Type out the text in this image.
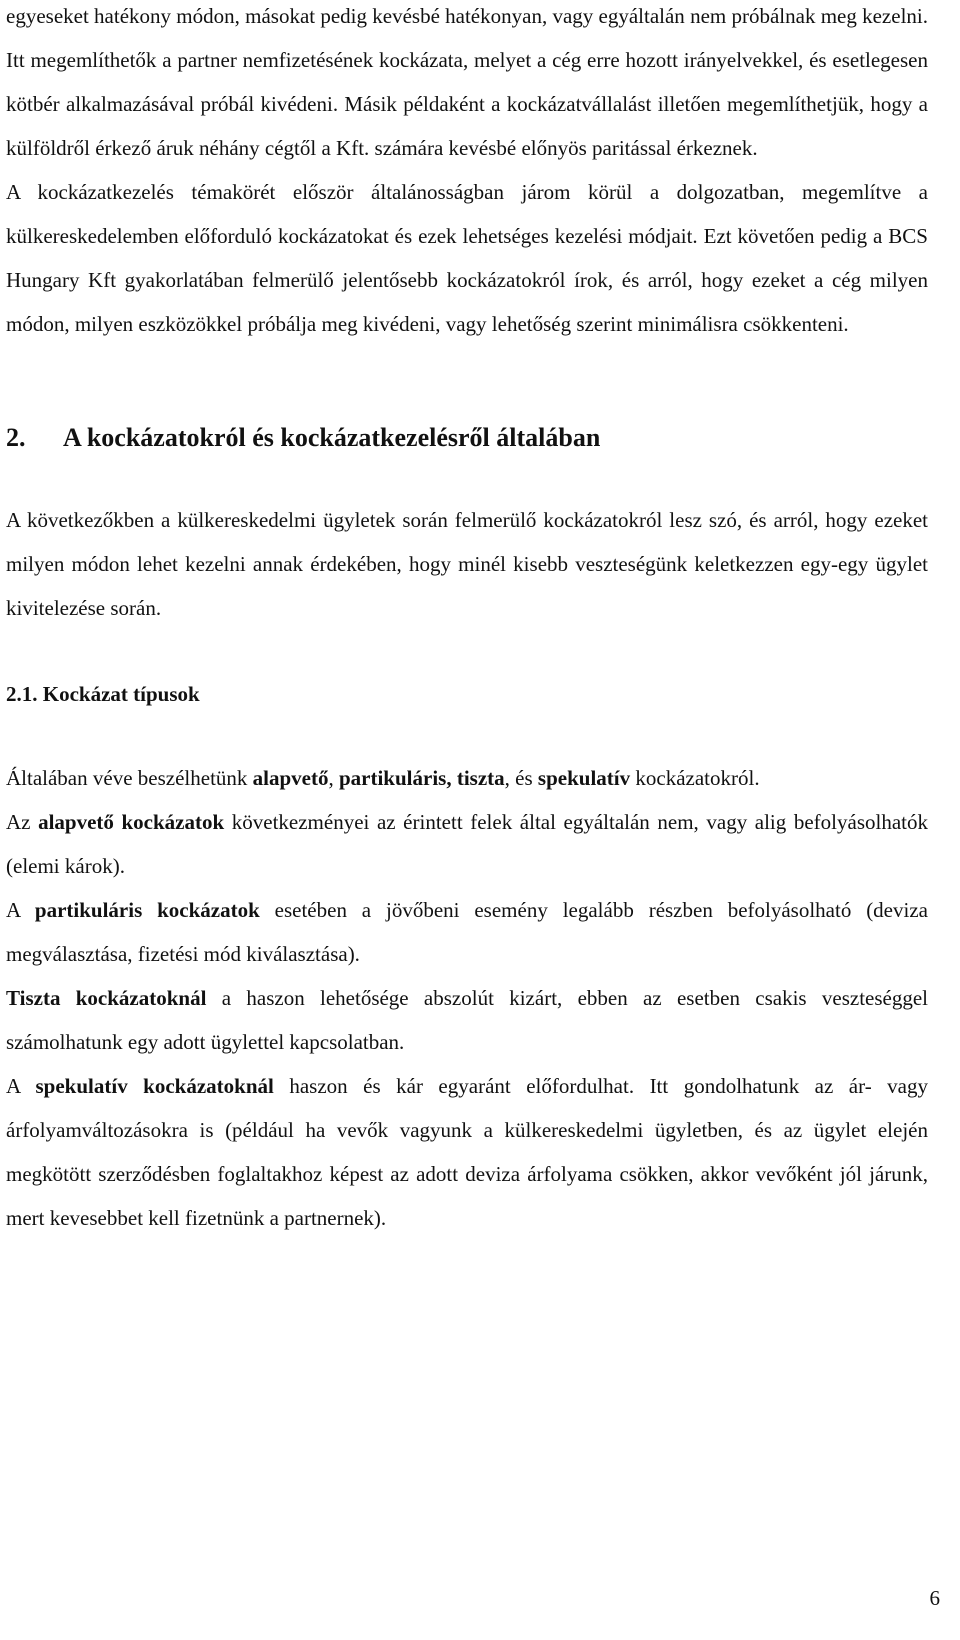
egyeseket hatékony módon, másokat pedig kevésbé hatékonyan, vagy egyáltalán nem próbálnak meg kezelni. Itt megemlíthetők a partner nemfizetésének kockázata, melyet a cég erre hozott irányelvekkel, és esetlegesen kötbér alkalmazásával próbál kivédeni. Másik példaként a kockázatvállalást illetően megemlíthetjük, hogy a külföldről érkező áruk néhány cégtől a Kft. számára kevésbé előnyös paritással érkeznek.

A kockázatkezelés témakörét először általánosságban járom körül a dolgozatban, megemlítve a külkereskedelemben előforduló kockázatokat és ezek lehetséges kezelési módjait. Ezt követően pedig a BCS Hungary Kft gyakorlatában felmerülő jelentősebb kockázatokról írok, és arról, hogy ezeket a cég milyen módon, milyen eszközökkel próbálja meg kivédeni, vagy lehetőség szerint minimálisra csökkenteni.

2.	A kockázatokról és kockázatkezelésről általában

A következőkben a külkereskedelmi ügyletek során felmerülő kockázatokról lesz szó, és arról, hogy ezeket milyen módon lehet kezelni annak érdekében, hogy minél kisebb veszteségünk keletkezzen egy-egy ügylet kivitelezése során.

2.1. Kockázat típusok

Általában véve beszélhetünk alapvető, partikuláris, tiszta, és spekulatív kockázatokról.

Az alapvető kockázatok következményei az érintett felek által egyáltalán nem, vagy alig befolyásolhatók (elemi károk).

A partikuláris kockázatok esetében a jövőbeni esemény legalább részben befolyásolható (deviza megválasztása, fizetési mód kiválasztása).

Tiszta kockázatoknál a haszon lehetősége abszolút kizárt, ebben az esetben csakis veszteséggel számolhatunk egy adott ügylettel kapcsolatban.

A spekulatív kockázatoknál haszon és kár egyaránt előfordulhat. Itt gondolhatunk az ár- vagy árfolyamváltozásokra is (például ha vevők vagyunk a külkereskedelmi ügyletben, és az ügylet elején megkötött szerződésben foglaltakhoz képest az adott deviza árfolyama csökken, akkor vevőként jól járunk, mert kevesebbet kell fizetnünk a partnernek).

6
